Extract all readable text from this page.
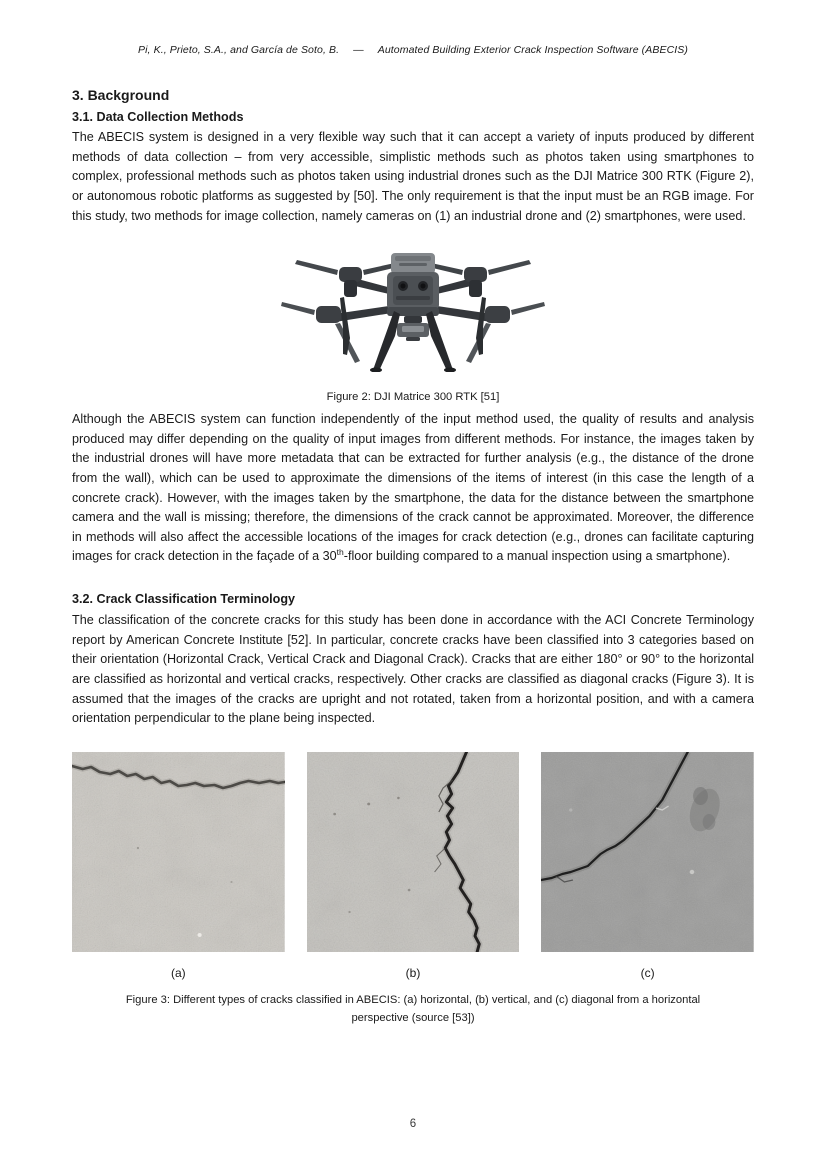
Pi, K., Prieto, S.A., and García de Soto, B. — Automated Building Exterior Crack Inspection Software (ABECIS)
3. Background
3.1. Data Collection Methods

The ABECIS system is designed in a very flexible way such that it can accept a variety of inputs produced by different methods of data collection – from very accessible, simplistic methods such as photos taken using smartphones to complex, professional methods such as photos taken using industrial drones such as the DJI Matrice 300 RTK (Figure 2), or autonomous robotic platforms as suggested by [50]. The only requirement is that the input must be an RGB image. For this study, two methods for image collection, namely cameras on (1) an industrial drone and (2) smartphones, were used.

Figure 2: DJI Matrice 300 RTK [51]

Although the ABECIS system can function independently of the input method used, the quality of results and analysis produced may differ depending on the quality of input images from different methods. For instance, the images taken by the industrial drones will have more metadata that can be extracted for further analysis (e.g., the distance of the drone from the wall), which can be used to approximate the dimensions of the items of interest (in this case the length of a concrete crack). However, with the images taken by the smartphone, the data for the distance between the smartphone camera and the wall is missing; therefore, the dimensions of the crack cannot be approximated. Moreover, the difference in methods will also affect the accessible locations of the images for crack detection (e.g., drones can facilitate capturing images for crack detection in the façade of a 30th-floor building compared to a manual inspection using a smartphone).

3.2. Crack Classification Terminology

The classification of the concrete cracks for this study has been done in accordance with the ACI Concrete Terminology report by American Concrete Institute [52]. In particular, concrete cracks have been classified into 3 categories based on their orientation (Horizontal Crack, Vertical Crack and Diagonal Crack). Cracks that are either 180° or 90° to the horizontal are classified as horizontal and vertical cracks, respectively. Other cracks are classified as diagonal cracks (Figure 3). It is assumed that the images of the cracks are upright and not rotated, taken from a horizontal position, and with a camera orientation perpendicular to the plane being inspected.

(a)	(b)	(c)
Figure 3: Different types of cracks classified in ABECIS: (a) horizontal, (b) vertical, and (c) diagonal from a horizontal
perspective (source [53])
6
